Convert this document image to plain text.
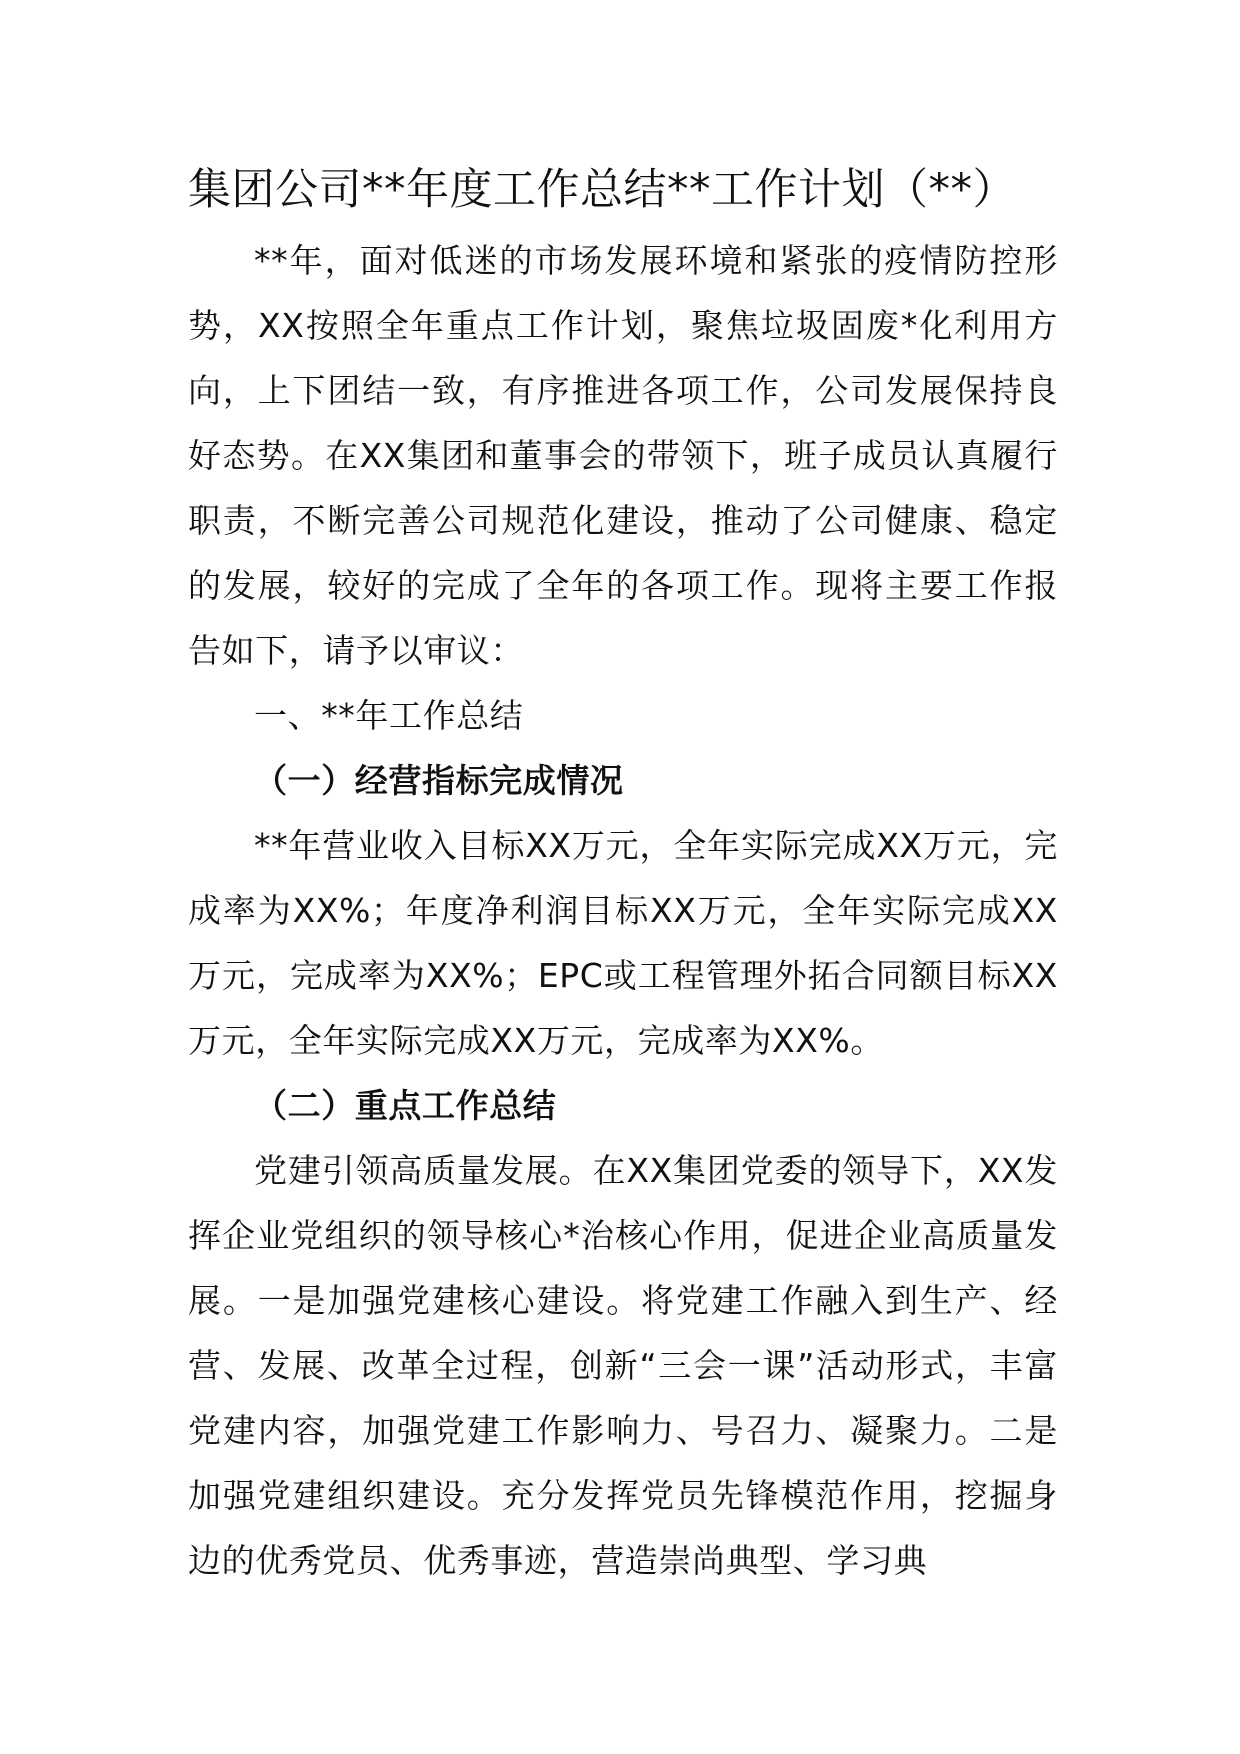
集团公司**年度工作总结**工作计划（**）

**年，面对低迷的市场发展环境和紧张的疫情防控形势，XX按照全年重点工作计划，聚焦垃圾固废*化利用方向，上下团结一致，有序推进各项工作，公司发展保持良好态势。在XX集团和董事会的带领下，班子成员认真履行职责，不断完善公司规范化建设，推动了公司健康、稳定的发展，较好的完成了全年的各项工作。现将主要工作报告如下，请予以审议：

一、**年工作总结

（一）经营指标完成情况

**年营业收入目标XX万元，全年实际完成XX万元，完成率为XX%；年度净利润目标XX万元，全年实际完成XX万元，完成率为XX%；EPC或工程管理外拓合同额目标XX万元，全年实际完成XX万元，完成率为XX%。

（二）重点工作总结

党建引领高质量发展。在XX集团党委的领导下，XX发挥企业党组织的领导核心*治核心作用，促进企业高质量发展。一是加强党建核心建设。将党建工作融入到生产、经营、发展、改革全过程，创新“三会一课”活动形式，丰富党建内容，加强党建工作影响力、号召力、凝聚力。二是加强党建组织建设。充分发挥党员先锋模范作用，挖掘身边的优秀党员、优秀事迹，营造崇尚典型、学习典
